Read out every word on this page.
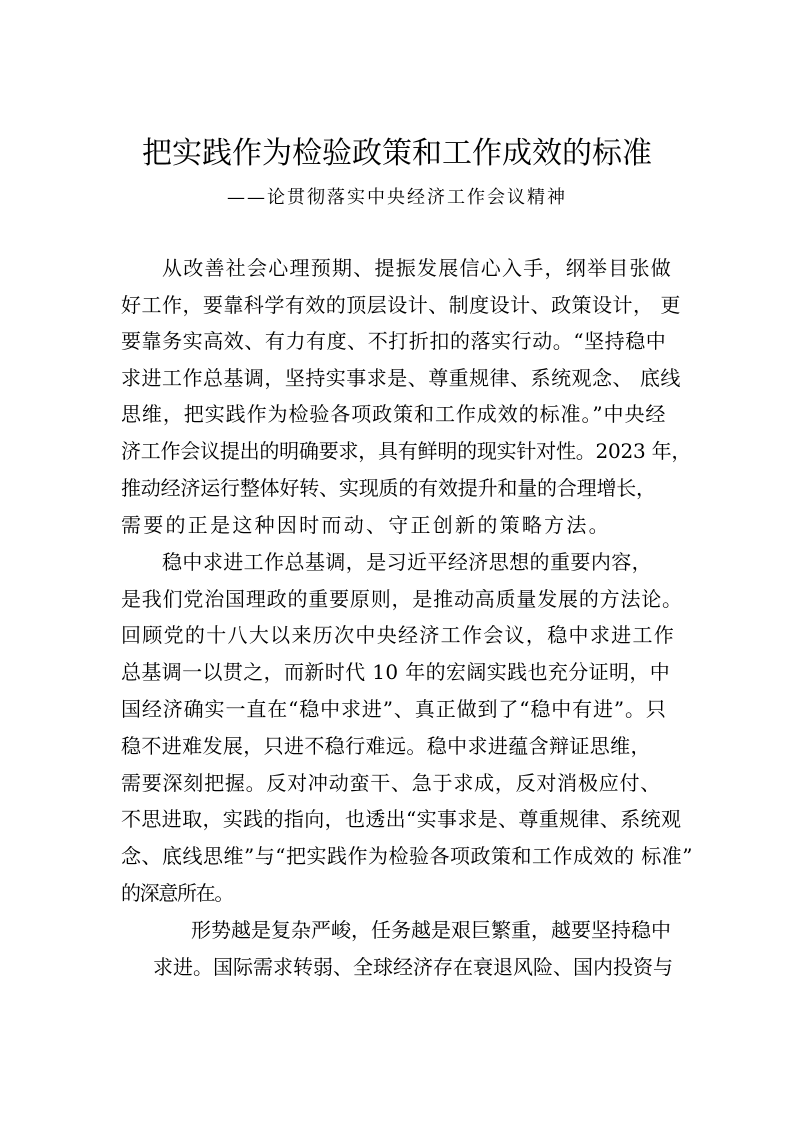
把实践作为检验政策和工作成效的标准
——论贯彻落实中央经济工作会议精神
从改善社会心理预期、提振发展信心入手，纲举目张做
好工作，要靠科学有效的顶层设计、制度设计、政策设计， 更
要靠务实高效、有力有度、不打折扣的落实行动。“坚持稳中
求进工作总基调，坚持实事求是、尊重规律、系统观念、 底线
思维，把实践作为检验各项政策和工作成效的标准。”中央经
济工作会议提出的明确要求，具有鲜明的现实针对性。2023 年，
推动经济运行整体好转、实现质的有效提升和量的合理增长，
需要的正是这种因时而动、守正创新的策略方法。
稳中求进工作总基调，是习近平经济思想的重要内容，
是我们党治国理政的重要原则，是推动高质量发展的方法论。
回顾党的十八大以来历次中央经济工作会议，稳中求进工作
总基调一以贯之，而新时代 10 年的宏阔实践也充分证明，中
国经济确实一直在“稳中求进”、真正做到了“稳中有进”。只
稳不进难发展，只进不稳行难远。稳中求进蕴含辩证思维，
需要深刻把握。反对冲动蛮干、急于求成，反对消极应付、
不思进取，实践的指向，也透出“实事求是、尊重规律、系统观
念、底线思维”与“把实践作为检验各项政策和工作成效的 标准”
的深意所在。
形势越是复杂严峻，任务越是艰巨繁重，越要坚持稳中
求进。国际需求转弱、全球经济存在衰退风险、国内投资与
